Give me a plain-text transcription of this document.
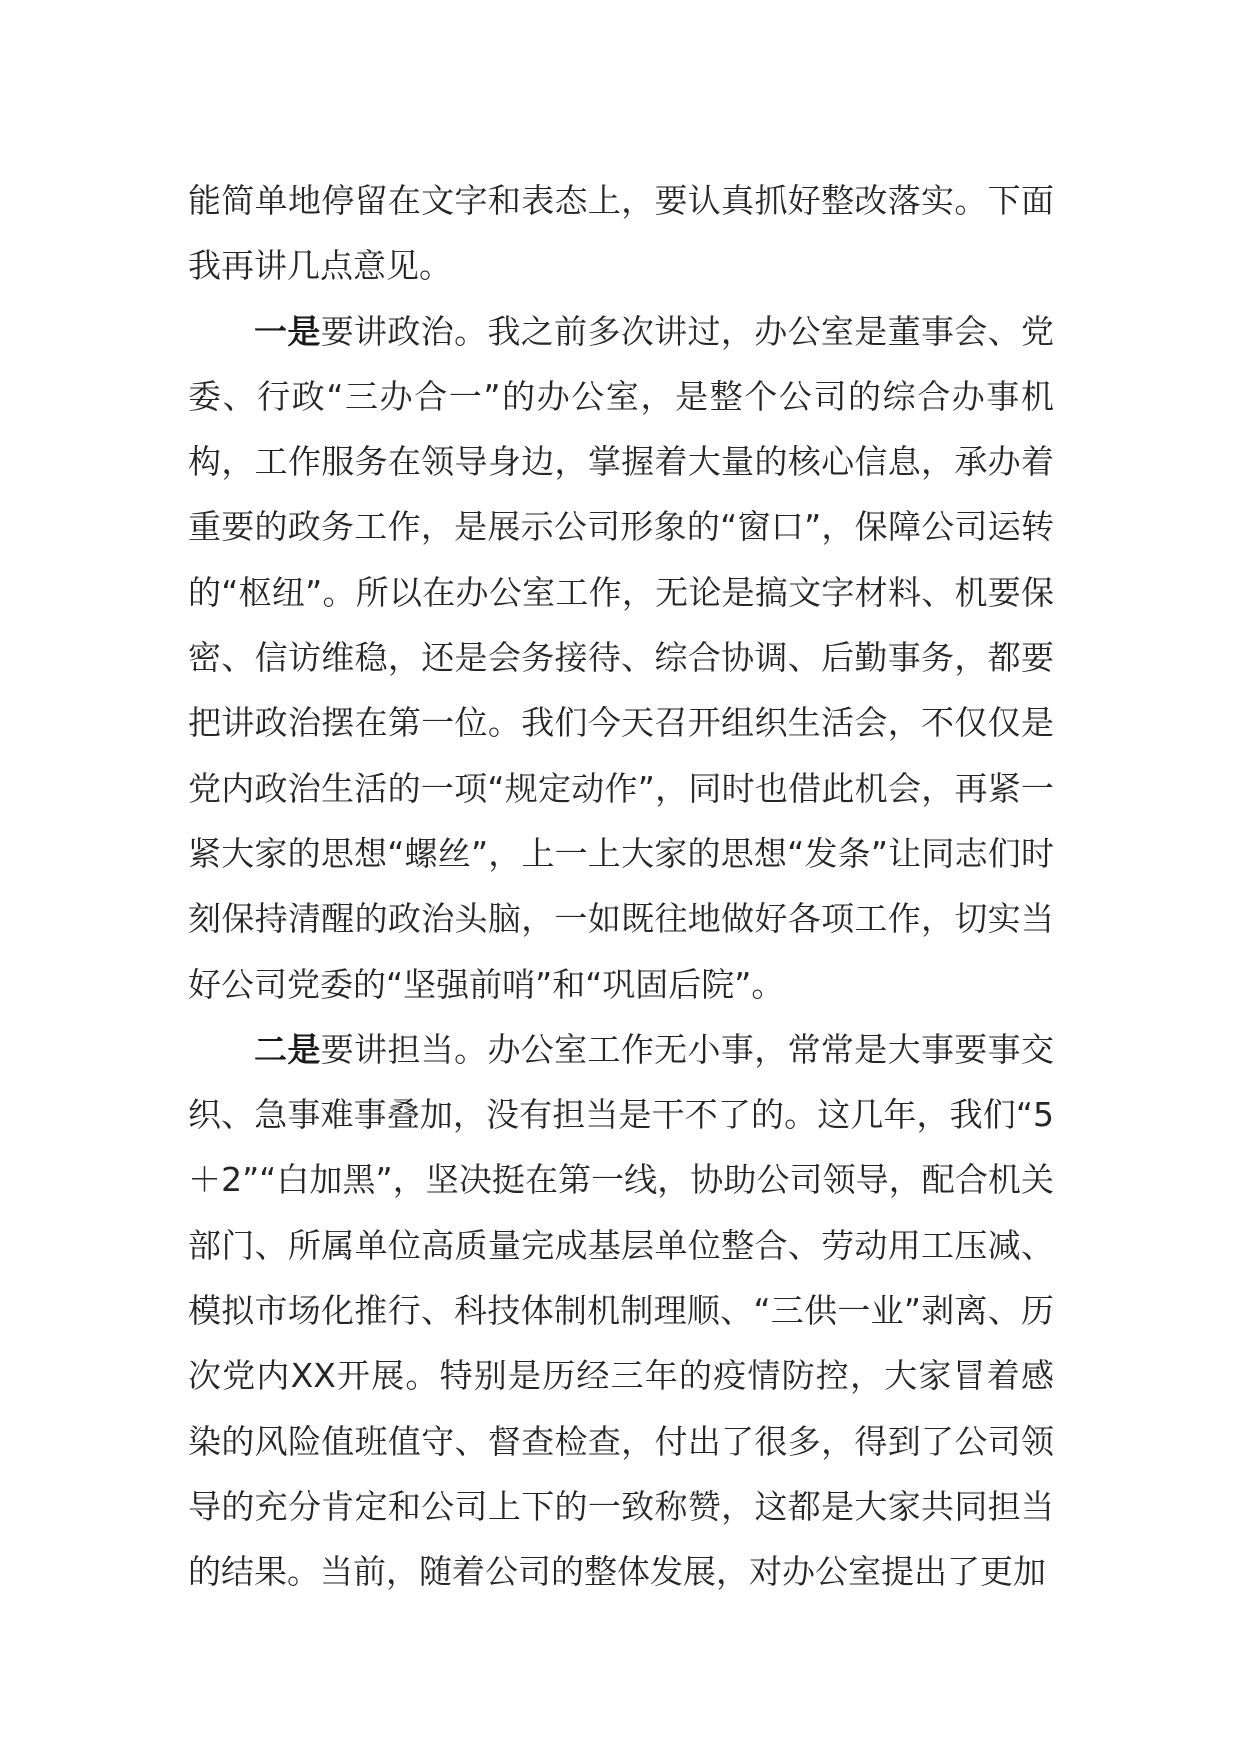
能简单地停留在文字和表态上，要认真抓好整改落实。下面我再讲几点意见。

一是要讲政治。我之前多次讲过，办公室是董事会、党委、行政“三办合一”的办公室，是整个公司的综合办事机构，工作服务在领导身边，掌握着大量的核心信息，承办着重要的政务工作，是展示公司形象的“窗口”，保障公司运转的“枢纽”。所以在办公室工作，无论是搞文字材料、机要保密、信访维稳，还是会务接待、综合协调、后勤事务，都要把讲政治摆在第一位。我们今天召开组织生活会，不仅仅是党内政治生活的一项“规定动作”，同时也借此机会，再紧一紧大家的思想“螺丝”，上一上大家的思想“发条”让同志们时刻保持清醒的政治头脑，一如既往地做好各项工作，切实当好公司党委的“坚强前哨”和“巩固后院”。

二是要讲担当。办公室工作无小事，常常是大事要事交织、急事难事叠加，没有担当是干不了的。这几年，我们“5＋2”“白加黑”，坚决挺在第一线，协助公司领导，配合机关部门、所属单位高质量完成基层单位整合、劳动用工压减、模拟市场化推行、科技体制机制理顺、“三供一业”剥离、历次党内XX开展。特别是历经三年的疫情防控，大家冒着感染的风险值班值守、督查检查，付出了很多，得到了公司领导的充分肯定和公司上下的一致称赞，这都是大家共同担当的结果。当前，随着公司的整体发展，对办公室提出了更加
